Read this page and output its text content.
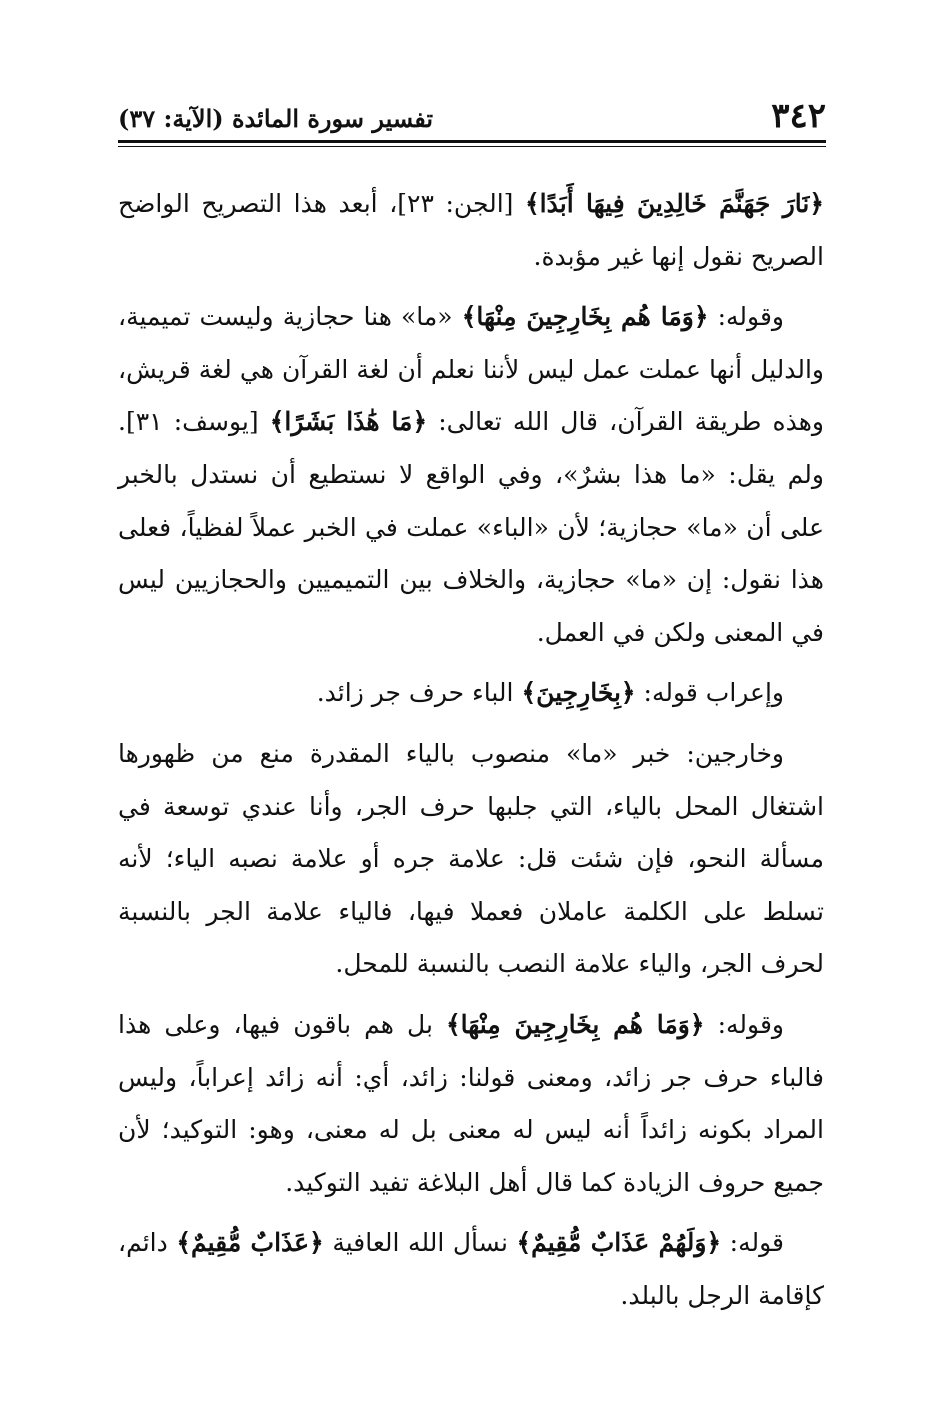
٣٤٢
تفسير سورة المائدة (الآية: ٣٧)

﴿نَارَ جَهَنَّمَ خَالِدِينَ فِيهَا أَبَدًا﴾ [الجن: ٢٣]، أبعد هذا التصريح الواضح الصريح نقول إنها غير مؤبدة.

وقوله: ﴿وَمَا هُم بِخَارِجِينَ مِنْهَا﴾ «ما» هنا حجازية وليست تميمية، والدليل أنها عملت عمل ليس لأننا نعلم أن لغة القرآن هي لغة قريش، وهذه طريقة القرآن، قال الله تعالى: ﴿مَا هَٰذَا بَشَرًا﴾ [يوسف: ٣١]. ولم يقل: «ما هذا بشرٌ»، وفي الواقع لا نستطيع أن نستدل بالخبر على أن «ما» حجازية؛ لأن «الباء» عملت في الخبر عملاً لفظياً، فعلى هذا نقول: إن «ما» حجازية، والخلاف بين التميميين والحجازيين ليس في المعنى ولكن في العمل.

وإعراب قوله: ﴿بِخَارِجِينَ﴾ الباء حرف جر زائد.

وخارجين: خبر «ما» منصوب بالياء المقدرة منع من ظهورها اشتغال المحل بالياء، التي جلبها حرف الجر، وأنا عندي توسعة في مسألة النحو، فإن شئت قل: علامة جره أو علامة نصبه الياء؛ لأنه تسلط على الكلمة عاملان فعملا فيها، فالياء علامة الجر بالنسبة لحرف الجر، والياء علامة النصب بالنسبة للمحل.

وقوله: ﴿وَمَا هُم بِخَارِجِينَ مِنْهَا﴾ بل هم باقون فيها، وعلى هذا فالباء حرف جر زائد، ومعنى قولنا: زائد، أي: أنه زائد إعراباً، وليس المراد بكونه زائداً أنه ليس له معنى بل له معنى، وهو: التوكيد؛ لأن جميع حروف الزيادة كما قال أهل البلاغة تفيد التوكيد.

قوله: ﴿وَلَهُمْ عَذَابٌ مُّقِيمٌ﴾ نسأل الله العافية ﴿عَذَابٌ مُّقِيمٌ﴾ دائم، كإقامة الرجل بالبلد.
